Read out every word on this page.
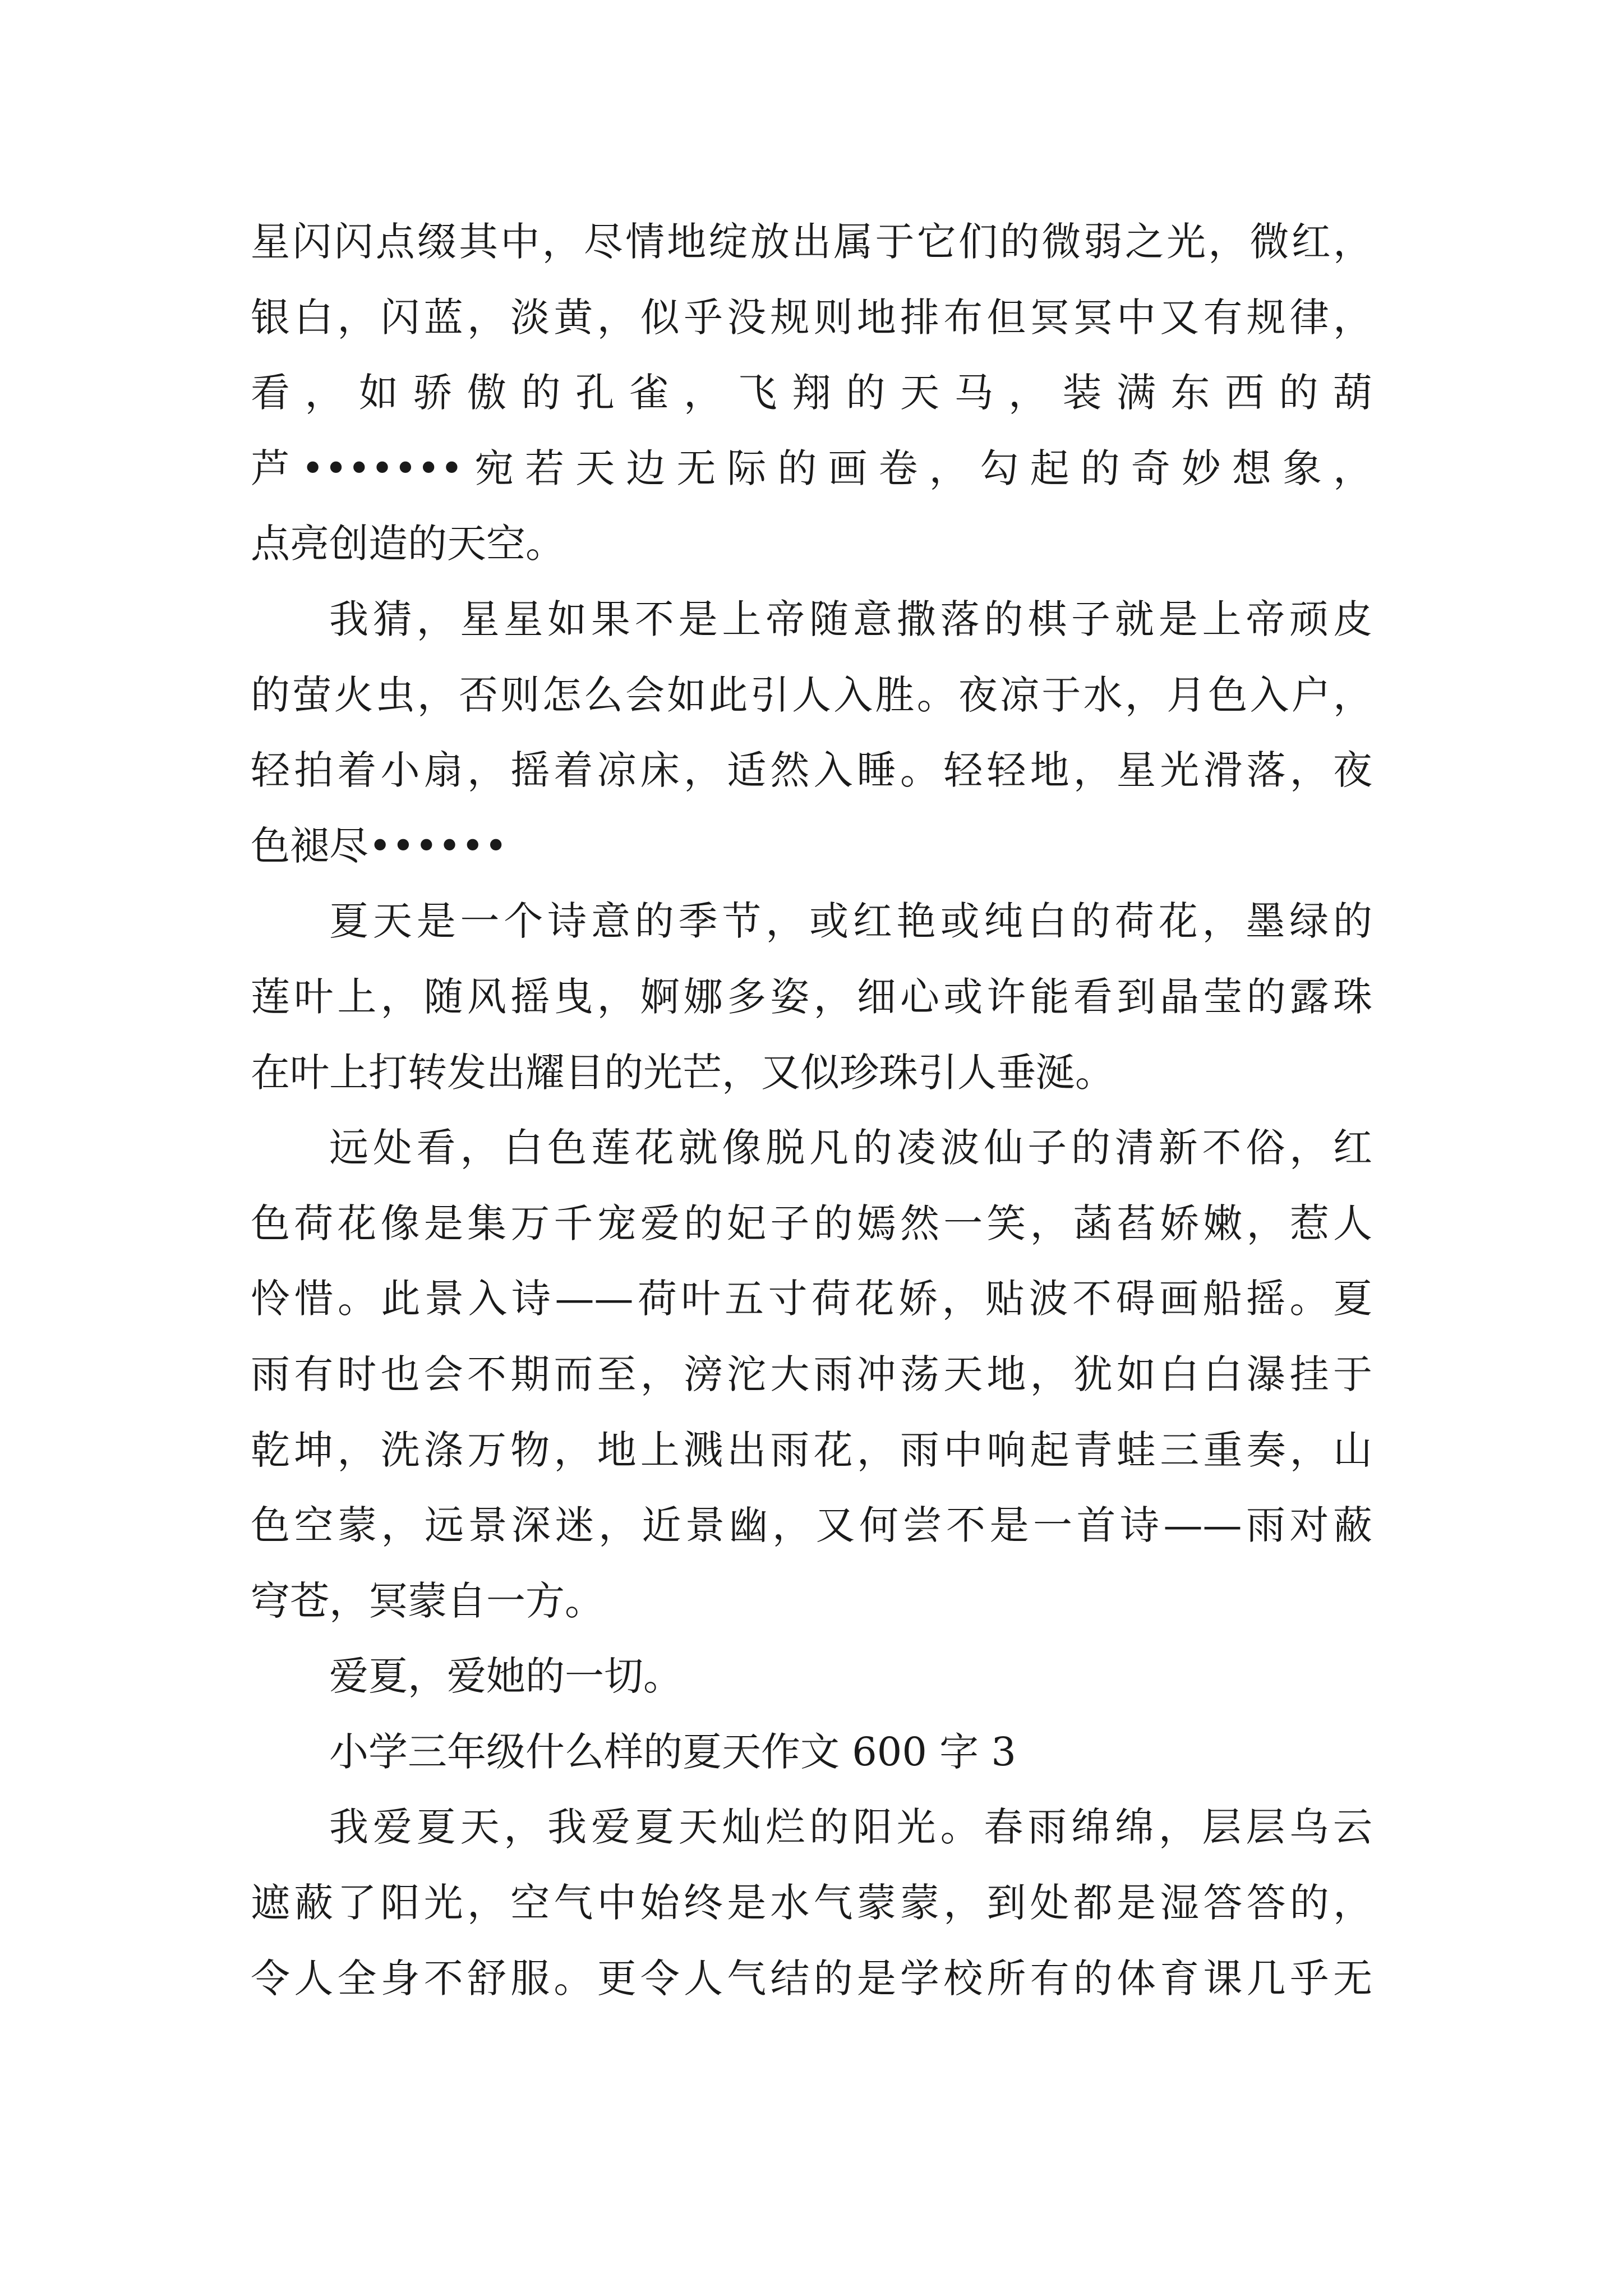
星闪闪点缀其中，尽情地绽放出属于它们的微弱之光，微红，
银白，闪蓝，淡黄，似乎没规则地排布但冥冥中又有规律，
看 ， 如 骄 傲 的 孔 雀 ， 飞 翔 的 天 马 ， 装 满 东 西 的 葫
芦•••••••宛若天边无际的画卷，勾起的奇妙想象，
点亮创造的天空。
我猜，星星如果不是上帝随意撒落的棋子就是上帝顽皮
的萤火虫，否则怎么会如此引人入胜。夜凉于水，月色入户，
轻拍着小扇，摇着凉床，适然入睡。轻轻地，星光滑落，夜
色褪尽••••••
夏天是一个诗意的季节，或红艳或纯白的荷花，墨绿的
莲叶上，随风摇曳，婀娜多姿，细心或许能看到晶莹的露珠
在叶上打转发出耀目的光芒，又似珍珠引人垂涎。
远处看，白色莲花就像脱凡的凌波仙子的清新不俗，红
色荷花像是集万千宠爱的妃子的嫣然一笑，菡萏娇嫩，惹人
怜惜。此景入诗——荷叶五寸荷花娇，贴波不碍画船摇。夏
雨有时也会不期而至，滂沱大雨冲荡天地，犹如白白瀑挂于
乾坤，洗涤万物，地上溅出雨花，雨中响起青蛙三重奏，山
色空蒙，远景深迷，近景幽，又何尝不是一首诗——雨对蔽
穹苍，冥蒙自一方。
爱夏，爱她的一切。
小学三年级什么样的夏天作文 600 字 3
我爱夏天，我爱夏天灿烂的阳光。春雨绵绵，层层乌云
遮蔽了阳光，空气中始终是水气蒙蒙，到处都是湿答答的，
令人全身不舒服。更令人气结的是学校所有的体育课几乎无
